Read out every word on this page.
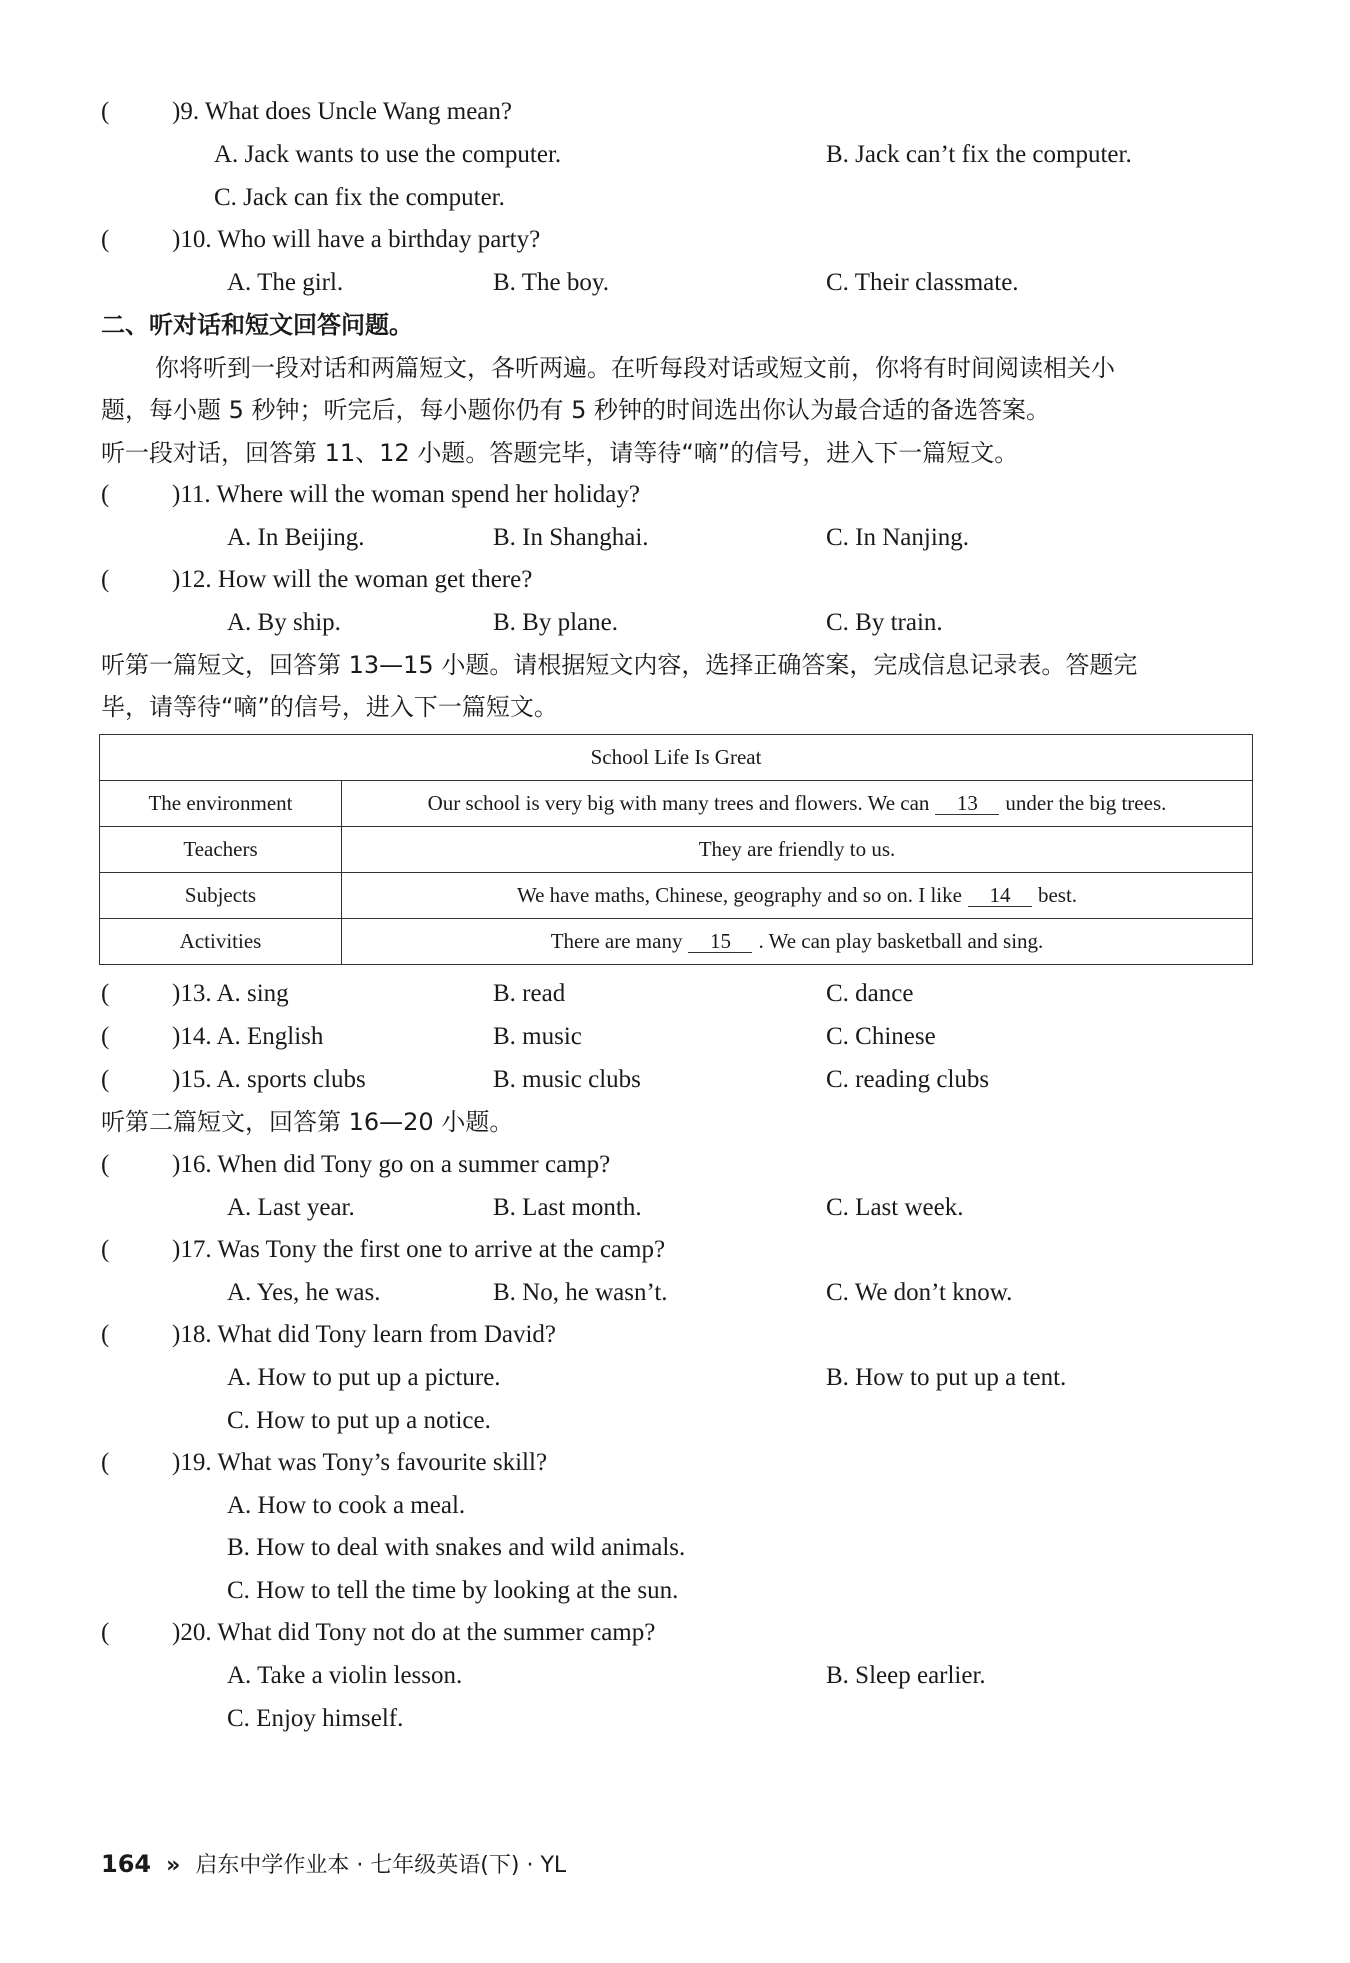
(	)9. What does Uncle Wang mean?
A. Jack wants to use the computer.	B. Jack can’t fix the computer.
C. Jack can fix the computer.
(	)10. Who will have a birthday party?
A. The girl.	B. The boy.	C. Their classmate.
二、听对话和短文回答问题。
你将听到一段对话和两篇短文，各听两遍。在听每段对话或短文前，你将有时间阅读相关小
题，每小题 5 秒钟；听完后，每小题你仍有 5 秒钟的时间选出你认为最合适的备选答案。
听一段对话，回答第 11、12 小题。答题完毕，请等待“嘀”的信号，进入下一篇短文。
(	)11. Where will the woman spend her holiday?
A. In Beijing.	B. In Shanghai.	C. In Nanjing.
(	)12. How will the woman get there?
A. By ship.	B. By plane.	C. By train.
听第一篇短文，回答第 13—15 小题。请根据短文内容，选择正确答案，完成信息记录表。答题完
毕，请等待“嘀”的信号，进入下一篇短文。
School Life Is Great	
The environment	Our school is very big with many trees and flowers. We can 13 under the big trees.
Teachers	They are friendly to us.
Subjects	We have maths, Chinese, geography and so on. I like 14 best.
Activities	There are many 15 . We can play basketball and sing.
(	)13. A. sing	B. read	C. dance
(	)14. A. English	B. music	C. Chinese
(	)15. A. sports clubs	B. music clubs	C. reading clubs
听第二篇短文，回答第 16—20 小题。
(	)16. When did Tony go on a summer camp?
A. Last year.	B. Last month.	C. Last week.
(	)17. Was Tony the first one to arrive at the camp?
A. Yes, he was.	B. No, he wasn’t.	C. We don’t know.
(	)18. What did Tony learn from David?
A. How to put up a picture.	B. How to put up a tent.
C. How to put up a notice.
(	)19. What was Tony’s favourite skill?
A. How to cook a meal.
B. How to deal with snakes and wild animals.
C. How to tell the time by looking at the sun.
(	)20. What did Tony not do at the summer camp?
A. Take a violin lesson.	B. Sleep earlier.
C. Enjoy himself.
164 » 启东中学作业本 · 七年级英语(下) · YL
